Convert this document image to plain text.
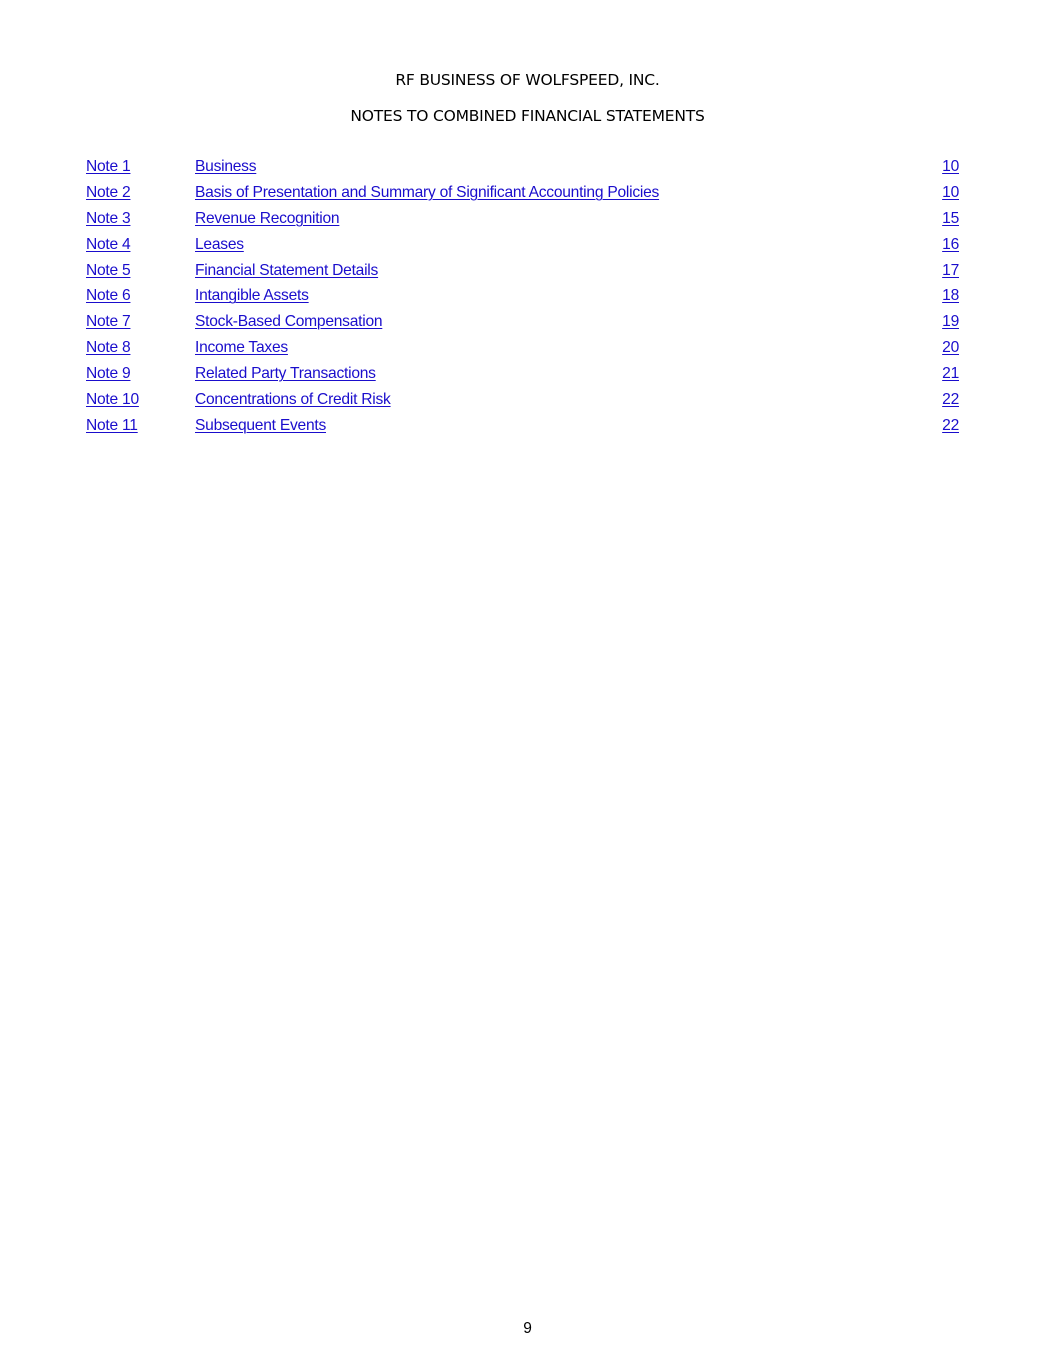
RF BUSINESS OF WOLFSPEED, INC.
NOTES TO COMBINED FINANCIAL STATEMENTS
Note 1	Business	10
Note 2	Basis of Presentation and Summary of Significant Accounting Policies	10
Note 3	Revenue Recognition	15
Note 4	Leases	16
Note 5	Financial Statement Details	17
Note 6	Intangible Assets	18
Note 7	Stock-Based Compensation	19
Note 8	Income Taxes	20
Note 9	Related Party Transactions	21
Note 10	Concentrations of Credit Risk	22
Note 11	Subsequent Events	22
9
